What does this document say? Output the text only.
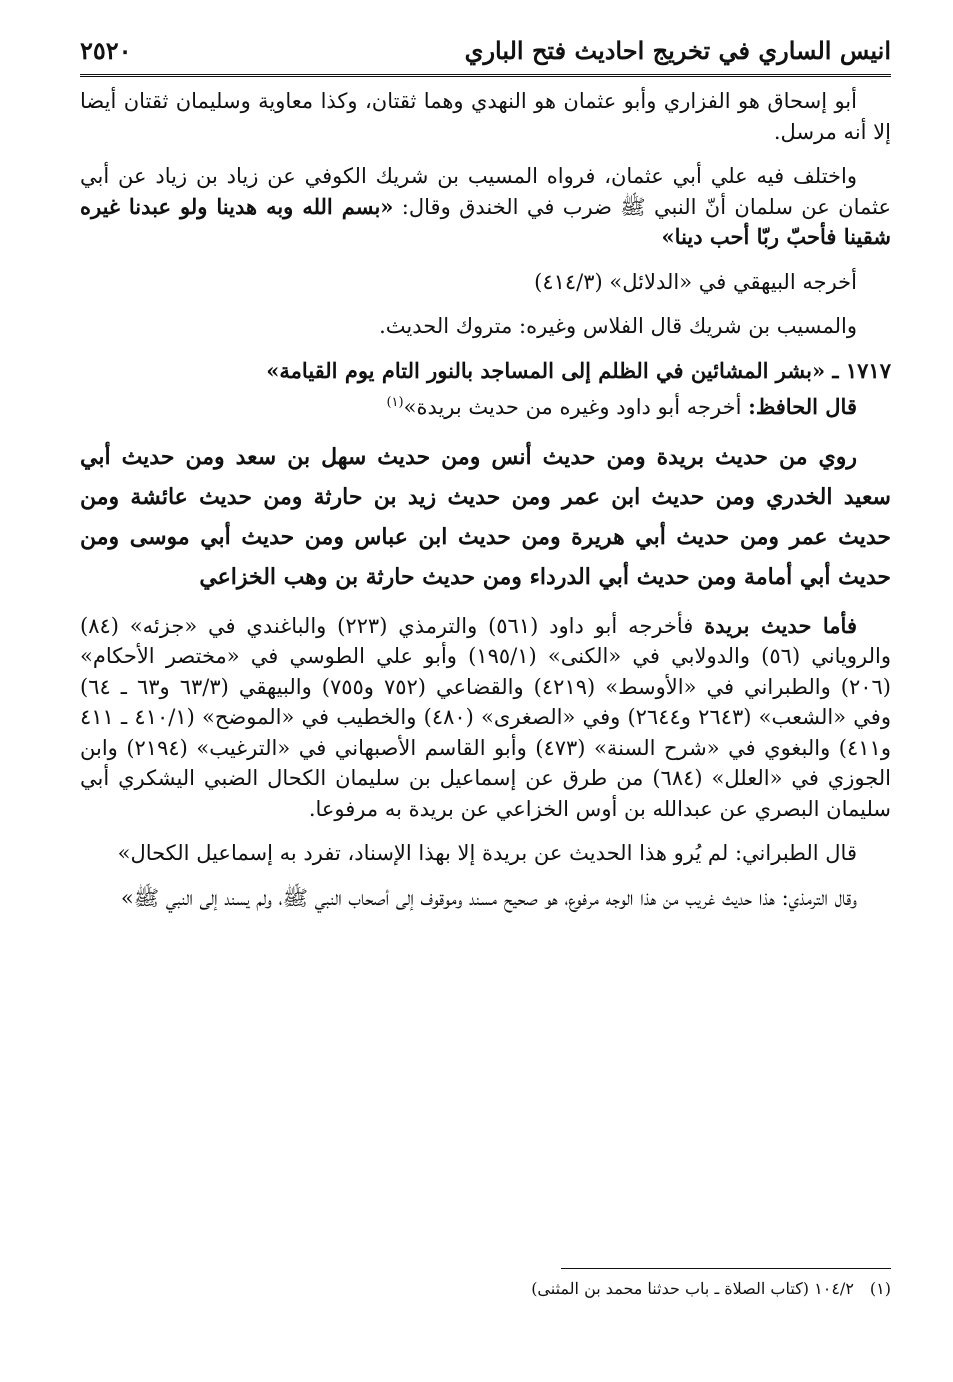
انيس الساري في تخريج احاديث فتح الباري
٢٥٢٠

أبو إسحاق هو الفزاري وأبو عثمان هو النهدي وهما ثقتان، وكذا معاوية وسليمان ثقتان أيضا إلا أنه مرسل.

واختلف فيه علي أبي عثمان، فرواه المسيب بن شريك الكوفي عن زياد بن زياد عن أبي عثمان عن سلمان أنّ النبي ﷺ ضرب في الخندق وقال: «بسم الله وبه هدينا ولو عبدنا غيره شقينا فأحبّ ربّا أحب دينا»

أخرجه البيهقي في «الدلائل» (٤١٤/٣)

والمسيب بن شريك قال الفلاس وغيره: متروك الحديث.

١٧١٧ ـ «بشر المشائين في الظلم إلى المساجد بالنور التام يوم القيامة»

قال الحافظ: أخرجه أبو داود وغيره من حديث بريدة»$^{(١)}$

روي من حديث بريدة ومن حديث أنس ومن حديث سهل بن سعد ومن حديث أبي سعيد الخدري ومن حديث ابن عمر ومن حديث زيد بن حارثة ومن حديث عائشة ومن حديث عمر ومن حديث أبي هريرة ومن حديث ابن عباس ومن حديث أبي موسى ومن حديث أبي أمامة ومن حديث أبي الدرداء ومن حديث حارثة بن وهب الخزاعي

فأما حديث بريدة فأخرجه أبو داود (٥٦١) والترمذي (٢٢٣) والباغندي في «جزئه» (٨٤) والروياني (٥٦) والدولابي في «الكنى» (١٩٥/١) وأبو علي الطوسي في «مختصر الأحكام» (٢٠٦) والطبراني في «الأوسط» (٤٢١٩) والقضاعي (٧٥٢ و٧٥٥) والبيهقي (٦٣/٣ و٦٣ ـ ٦٤) وفي «الشعب» (٢٦٤٣ و٢٦٤٤) وفي «الصغرى» (٤٨٠) والخطيب في «الموضح» (٤١٠/١ ـ ٤١١ و٤١١) والبغوي في «شرح السنة» (٤٧٣) وأبو القاسم الأصبهاني في «الترغيب» (٢١٩٤) وابن الجوزي في «العلل» (٦٨٤) من طرق عن إسماعيل بن سليمان الكحال الضبي اليشكري أبي سليمان البصري عن عبدالله بن أوس الخزاعي عن بريدة به مرفوعا.

قال الطبراني: لم يُرو هذا الحديث عن بريدة إلا بهذا الإسناد، تفرد به إسماعيل الكحال»

وقال الترمذي: هذا حديث غريب من هذا الوجه مرفوع، هو صحيح مسند وموقوف إلى أصحاب النبي ﷺ، ولم يسند إلى النبي ﷺ»

(١)١٠٤/٢ (كتاب الصلاة ـ باب حدثنا محمد بن المثنى)
